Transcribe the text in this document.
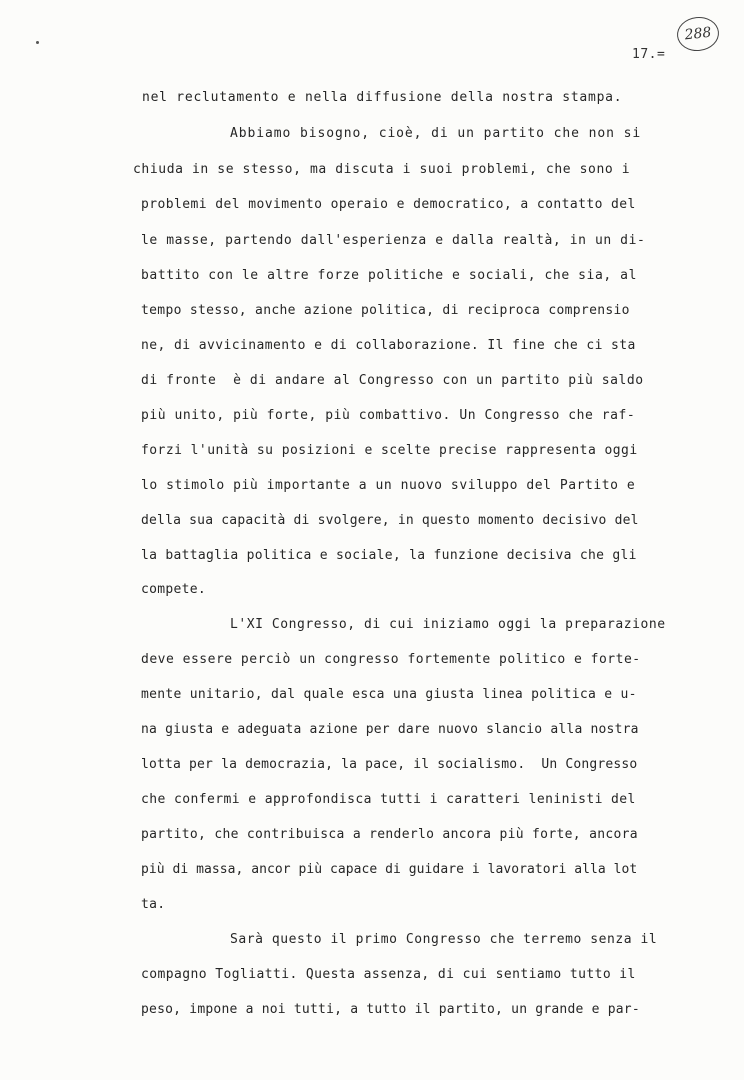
288
17.=
nel reclutamento e nella diffusione della nostra stampa.
Abbiamo bisogno, cioè, di un partito che non si
chiuda in se stesso, ma discuta i suoi problemi, che sono i
problemi del movimento operaio e democratico, a contatto del
le masse, partendo dall'esperienza e dalla realtà, in un di-
battito con le altre forze politiche e sociali, che sia, al
tempo stesso, anche azione politica, di reciproca comprensio
ne, di avvicinamento e di collaborazione. Il fine che ci sta
di fronte  è di andare al Congresso con un partito più saldo
più unito, più forte, più combattivo. Un Congresso che raf-
forzi l'unità su posizioni e scelte precise rappresenta oggi
lo stimolo più importante a un nuovo sviluppo del Partito e
della sua capacità di svolgere, in questo momento decisivo del
la battaglia politica e sociale, la funzione decisiva che gli
compete.
L'XI Congresso, di cui iniziamo oggi la preparazione
deve essere perciò un congresso fortemente politico e forte-
mente unitario, dal quale esca una giusta linea politica e u-
na giusta e adeguata azione per dare nuovo slancio alla nostra
lotta per la democrazia, la pace, il socialismo.  Un Congresso
che confermi e approfondisca tutti i caratteri leninisti del
partito, che contribuisca a renderlo ancora più forte, ancora
più di massa, ancor più capace di guidare i lavoratori alla lot
ta.
Sarà questo il primo Congresso che terremo senza il
compagno Togliatti. Questa assenza, di cui sentiamo tutto il
peso, impone a noi tutti, a tutto il partito, un grande e par-
